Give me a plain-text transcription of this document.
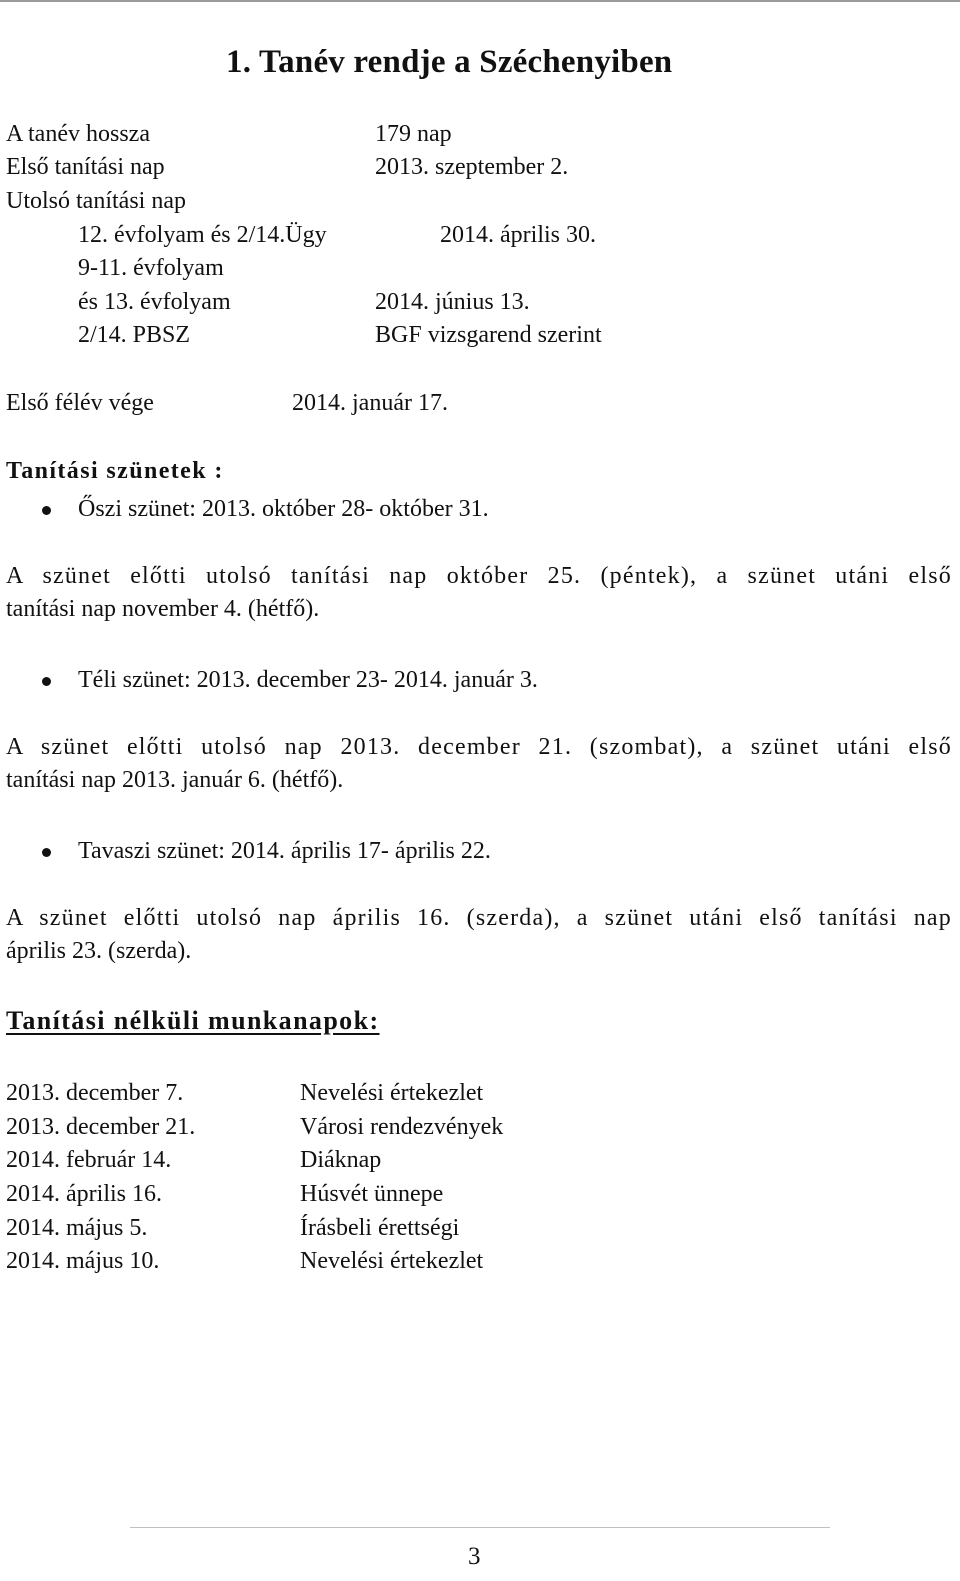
1. Tanév rendje a Széchenyiben
A tanév hossza	179 nap
Első tanítási nap	2013. szeptember 2.
Utolsó tanítási nap
12. évfolyam és 2/14.Ügy	2014. április 30.
9-11. évfolyam
és 13. évfolyam	2014. június 13.
2/14. PBSZ	BGF vizsgarend szerint
Első félév vége	2014. január 17.
Tanítási szünetek :
Őszi szünet: 2013. október 28- október 31.
A szünet előtti utolsó tanítási nap október 25. (péntek), a szünet utáni első
tanítási nap november 4. (hétfő).
Téli szünet: 2013. december 23- 2014. január 3.
A szünet előtti utolsó nap 2013. december 21. (szombat), a szünet utáni első
tanítási nap 2013. január 6. (hétfő).
Tavaszi szünet: 2014. április 17- április 22.
A szünet előtti utolsó nap április 16. (szerda), a szünet utáni első tanítási nap
április 23. (szerda).
Tanítási nélküli munkanapok:
2013. december 7.	Nevelési értekezlet
2013. december 21.	Városi rendezvények
2014. február 14.	Diáknap
2014. április 16.	Húsvét ünnepe
2014. május 5.	Írásbeli érettségi
2014. május 10.	Nevelési értekezlet
3
